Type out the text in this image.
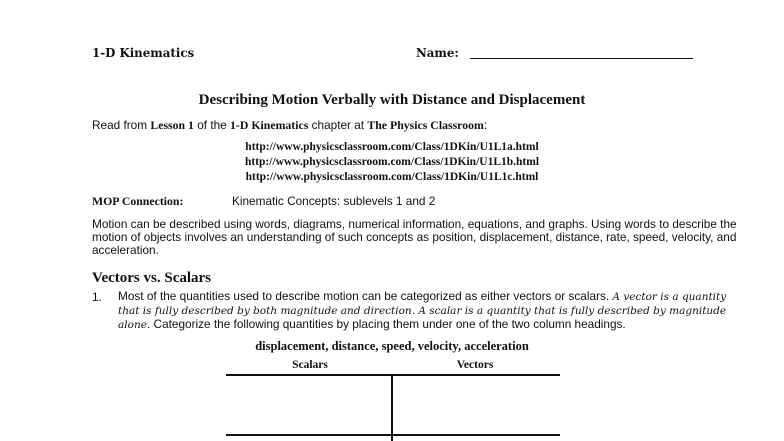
1-D Kinematics	Name:
Describing Motion Verbally with Distance and Displacement
Read from Lesson 1 of the 1-D Kinematics chapter at The Physics Classroom:
http://www.physicsclassroom.com/Class/1DKin/U1L1a.html
http://www.physicsclassroom.com/Class/1DKin/U1L1b.html
http://www.physicsclassroom.com/Class/1DKin/U1L1c.html
MOP Connection:	Kinematic Concepts: sublevels 1 and 2
Motion can be described using words, diagrams, numerical information, equations, and graphs. Using words to describe the motion of objects involves an understanding of such concepts as position, displacement, distance, rate, speed, velocity, and acceleration.
Vectors vs. Scalars
1. Most of the quantities used to describe motion can be categorized as either vectors or scalars. A vector is a quantity that is fully described by both magnitude and direction. A scalar is a quantity that is fully described by magnitude alone. Categorize the following quantities by placing them under one of the two column headings.
displacement, distance, speed, velocity, acceleration
Scalars	Vectors
